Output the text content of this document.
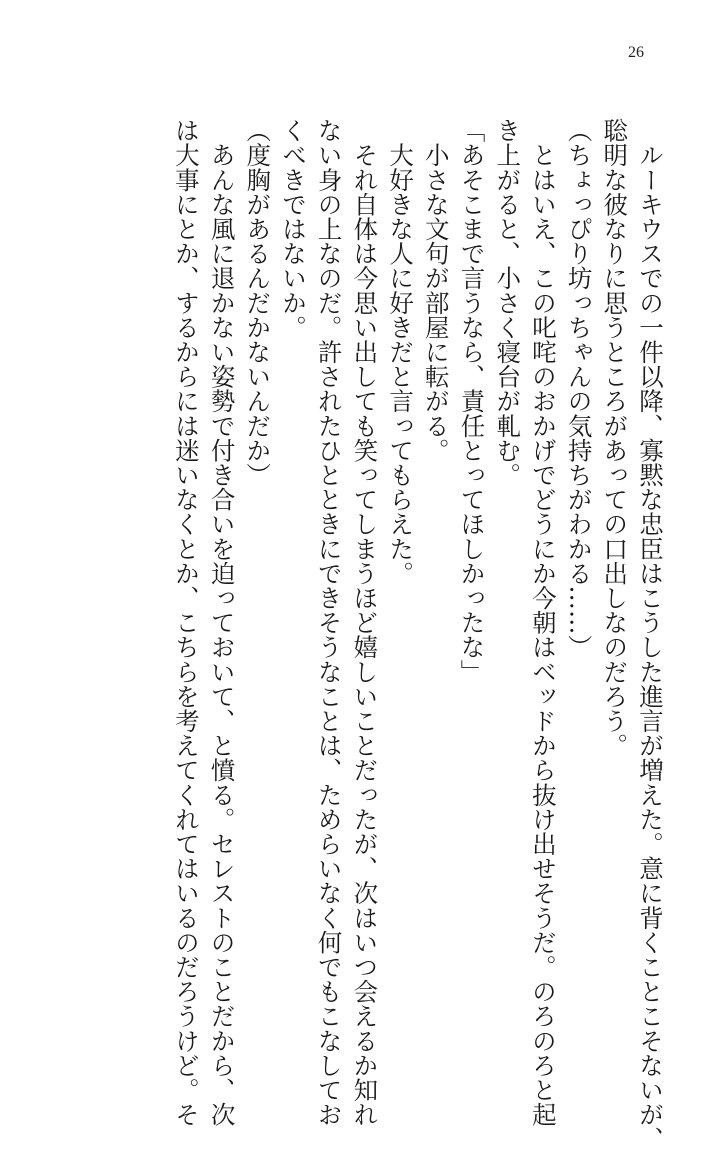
26

　ルーキウスでの一件以降、寡黙な忠臣はこうした進言が増えた。意に背くことこそないが、

聡明な彼なりに思うところがあっての口出しなのだろう。

（ちょっぴり坊っちゃんの気持ちがわかる……）

　とはいえ、この叱咤のおかげでどうにか今朝はベッドから抜け出せそうだ。のろのろと起

き上がると、小さく寝台が軋む。

「あそこまで言うなら、責任とってほしかったな」

　小さな文句が部屋に転がる。

　大好きな人に好きだと言ってもらえた。

　それ自体は今思い出しても笑ってしまうほど嬉しいことだったが、次はいつ会えるか知れ

ない身の上なのだ。許されたひとときにできそうなことは、ためらいなく何でもこなしてお

くべきではないか。

（度胸があるんだかないんだか）

　あんな風に退かない姿勢で付き合いを迫っておいて、と憤る。セレストのことだから、次

は大事にとか、するからには迷いなくとか、こちらを考えてくれてはいるのだろうけど。そ
